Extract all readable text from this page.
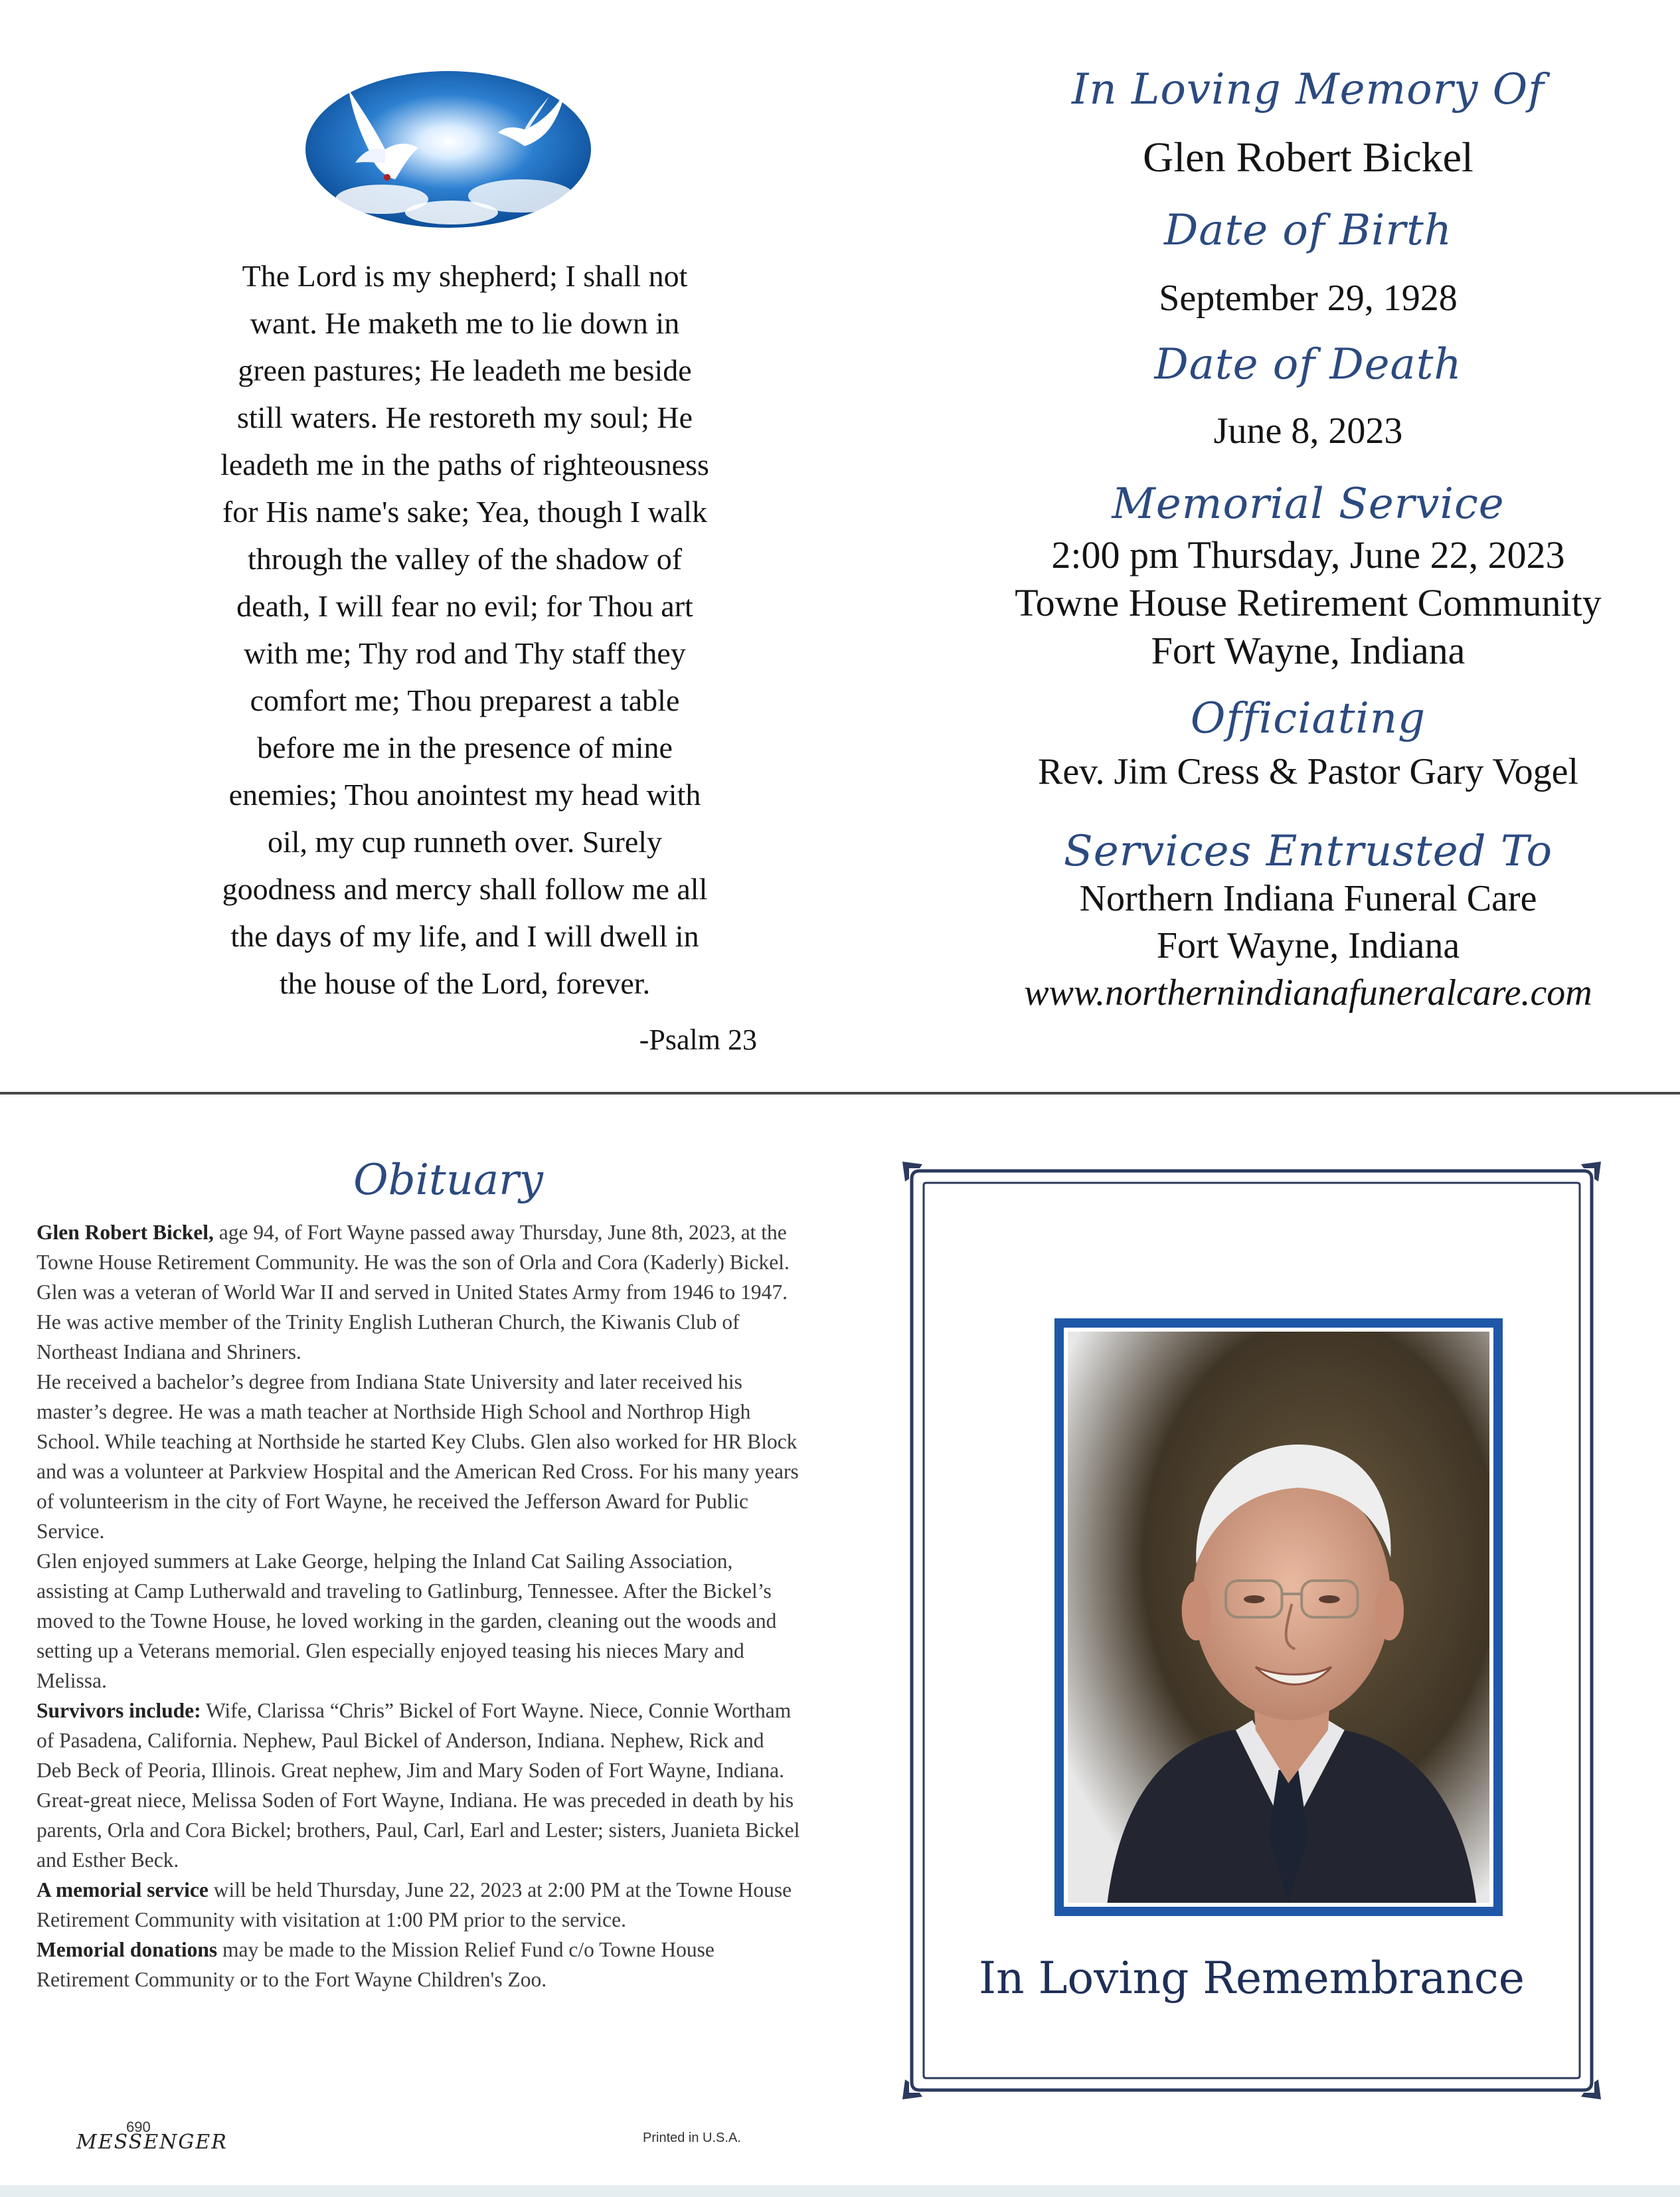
The Lord is my shepherd; I shall not
want. He maketh me to lie down in
green pastures; He leadeth me beside
still waters. He restoreth my soul; He
leadeth me in the paths of righteousness
for His name's sake; Yea, though I walk
through the valley of the shadow of
death, I will fear no evil; for Thou art
with me; Thy rod and Thy staff they
comfort me; Thou preparest a table
before me in the presence of mine
enemies; Thou anointest my head with
oil, my cup runneth over. Surely
goodness and mercy shall follow me all
the days of my life, and I will dwell in
the house of the Lord, forever.
-Psalm 23
In Loving Memory Of
Glen Robert Bickel
Date of Birth
September 29, 1928
Date of Death
June 8, 2023
Memorial Service
2:00 pm Thursday, June 22, 2023
Towne House Retirement Community
Fort Wayne, Indiana
Officiating
Rev. Jim Cress & Pastor Gary Vogel
Services Entrusted To
Northern Indiana Funeral Care
Fort Wayne, Indiana
www.northernindianafuneralcare.com
Obituary

Glen Robert Bickel, age 94, of Fort Wayne passed away Thursday, June 8th, 2023, at the Towne House Retirement Community. He was the son of Orla and Cora (Kaderly) Bickel. Glen was a veteran of World War II and served in United States Army from 1946 to 1947. He was active member of the Trinity English Lutheran Church, the Kiwanis Club of Northeast Indiana and Shriners.

He received a bachelor’s degree from Indiana State University and later received his master’s degree. He was a math teacher at Northside High School and Northrop High School. While teaching at Northside he started Key Clubs. Glen also worked for HR Block and was a volunteer at Parkview Hospital and the American Red Cross. For his many years of volunteerism in the city of Fort Wayne, he received the Jefferson Award for Public Service.

Glen enjoyed summers at Lake George, helping the Inland Cat Sailing Association, assisting at Camp Lutherwald and traveling to Gatlinburg, Tennessee. After the Bickel’s moved to the Towne House, he loved working in the garden, cleaning out the woods and setting up a Veterans memorial. Glen especially enjoyed teasing his nieces Mary and Melissa.

Survivors include: Wife, Clarissa “Chris” Bickel of Fort Wayne. Niece, Connie Wortham of Pasadena, California. Nephew, Paul Bickel of Anderson, Indiana. Nephew, Rick and Deb Beck of Peoria, Illinois. Great nephew, Jim and Mary Soden of Fort Wayne, Indiana. Great-great niece, Melissa Soden of Fort Wayne, Indiana. He was preceded in death by his parents, Orla and Cora Bickel; brothers, Paul, Carl, Earl and Lester; sisters, Juanieta Bickel and Esther Beck.

A memorial service will be held Thursday, June 22, 2023 at 2:00 PM at the Towne House Retirement Community with visitation at 1:00 PM prior to the service.

Memorial donations may be made to the Mission Relief Fund c/o Towne House Retirement Community or to the Fort Wayne Children's Zoo.

690
MESSENGER	Printed in U.S.A.
In Loving Remembrance
